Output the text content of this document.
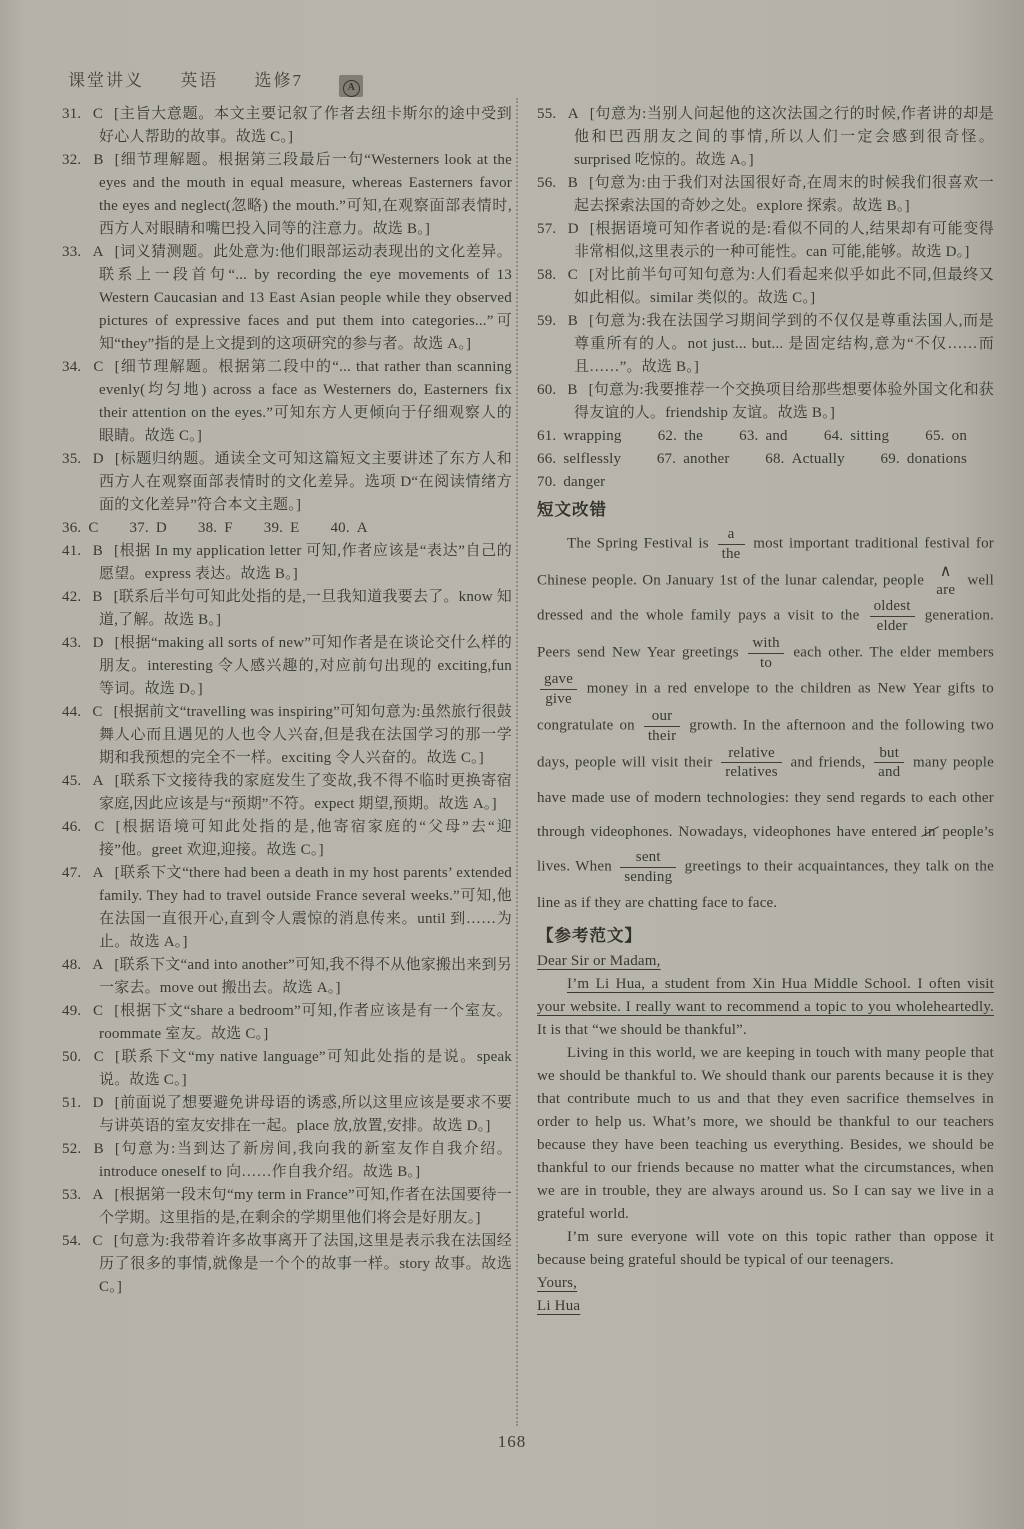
课堂讲义 英语 选修7	A
31. C [主旨大意题。本文主要记叙了作者去纽卡斯尔的途中受到好心人帮助的故事。故选 C。]
32. B [细节理解题。根据第三段最后一句“Westerners look at the eyes and the mouth in equal measure, whereas Easterners favor the eyes and neglect(忽略) the mouth.”可知,在观察面部表情时,西方人对眼睛和嘴巴投入同等的注意力。故选 B。]
33. A [词义猜测题。此处意为:他们眼部运动表现出的文化差异。联系上一段首句“... by recording the eye movements of 13 Western Caucasian and 13 East Asian people while they observed pictures of expressive faces and put them into categories...”可知“they”指的是上文提到的这项研究的参与者。故选 A。]
34. C [细节理解题。根据第二段中的“... that rather than scanning evenly(均匀地) across a face as Westerners do, Easterners fix their attention on the eyes.”可知东方人更倾向于仔细观察人的眼睛。故选 C。]
35. D [标题归纳题。通读全文可知这篇短文主要讲述了东方人和西方人在观察面部表情时的文化差异。选项 D“在阅读情绪方面的文化差异”符合本文主题。]
36. C 37. D 38. F 39. E 40. A
41. B [根据 In my application letter 可知,作者应该是“表达”自己的愿望。express 表达。故选 B。]
42. B [联系后半句可知此处指的是,一旦我知道我要去了。know 知道,了解。故选 B。]
43. D [根据“making all sorts of new”可知作者是在谈论交什么样的朋友。interesting 令人感兴趣的,对应前句出现的 exciting,fun 等词。故选 D。]
44. C [根据前文“travelling was inspiring”可知句意为:虽然旅行很鼓舞人心而且遇见的人也令人兴奋,但是我在法国学习的那一学期和我预想的完全不一样。exciting 令人兴奋的。故选 C。]
45. A [联系下文接待我的家庭发生了变故,我不得不临时更换寄宿家庭,因此应该是与“预期”不符。expect 期望,预期。故选 A。]
46. C [根据语境可知此处指的是,他寄宿家庭的“父母”去“迎接”他。greet 欢迎,迎接。故选 C。]
47. A [联系下文“there had been a death in my host parents’ extended family. They had to travel outside France several weeks.”可知,他在法国一直很开心,直到令人震惊的消息传来。until 到……为止。故选 A。]
48. A [联系下文“and into another”可知,我不得不从他家搬出来到另一家去。move out 搬出去。故选 A。]
49. C [根据下文“share a bedroom”可知,作者应该是有一个室友。roommate 室友。故选 C。]
50. C [联系下文“my native language”可知此处指的是说。speak 说。故选 C。]
51. D [前面说了想要避免讲母语的诱惑,所以这里应该是要求不要与讲英语的室友安排在一起。place 放,放置,安排。故选 D。]
52. B [句意为:当到达了新房间,我向我的新室友作自我介绍。introduce oneself to 向……作自我介绍。故选 B。]
53. A [根据第一段末句“my term in France”可知,作者在法国要待一个学期。这里指的是,在剩余的学期里他们将会是好朋友。]
54. C [句意为:我带着许多故事离开了法国,这里是表示我在法国经历了很多的事情,就像是一个个的故事一样。story 故事。故选 C。]
55. A [句意为:当别人问起他的这次法国之行的时候,作者讲的却是他和巴西朋友之间的事情,所以人们一定会感到很奇怪。surprised 吃惊的。故选 A。]
56. B [句意为:由于我们对法国很好奇,在周末的时候我们很喜欢一起去探索法国的奇妙之处。explore 探索。故选 B。]
57. D [根据语境可知作者说的是:看似不同的人,结果却有可能变得非常相似,这里表示的一种可能性。can 可能,能够。故选 D。]
58. C [对比前半句可知句意为:人们看起来似乎如此不同,但最终又如此相似。similar 类似的。故选 C。]
59. B [句意为:我在法国学习期间学到的不仅仅是尊重法国人,而是尊重所有的人。not just... but... 是固定结构,意为“不仅……而且……”。故选 B。]
60. B [句意为:我要推荐一个交换项目给那些想要体验外国文化和获得友谊的人。friendship 友谊。故选 B。]
61. wrapping 62. the 63. and 64. sitting 65. on 66. selflessly 67. another 68. Actually 69. donations 70. danger
短文改错
The Spring Festival is
a
the
most important traditional festival for Chinese people. On January 1st of the lunar calendar, people
∧
are
well dressed and the whole family pays a visit to the
oldest
elder
generation. Peers send New Year greetings
with
to
each other. The elder members
gave
give
money in a red envelope to the children as New Year gifts to congratulate on
our
their
growth. In the afternoon and the following two days, people will visit their
relative
relatives
and friends,
but
and
many people have made use of modern technologies: they send regards to each other through videophones. Nowadays, videophones have entered in people’s lives. When
sent
sending
greetings to their acquaintances, they talk on the line as if they are chatting face to face.
【参考范文】
Dear Sir or Madam,

I’m Li Hua, a student from Xin Hua Middle School. I often visit your website. I really want to recommend a topic to you wholeheartedly. It is that “we should be thankful”.

Living in this world, we are keeping in touch with many people that we should be thankful to. We should thank our parents because it is they that contribute much to us and that they even sacrifice themselves in order to help us. What’s more, we should be thankful to our teachers because they have been teaching us everything. Besides, we should be thankful to our friends because no matter what the circumstances, when we are in trouble, they are always around us. So I can say we live in a grateful world.

I’m sure everyone will vote on this topic rather than oppose it because being grateful should be typical of our teenagers.

Yours,
Li Hua
168
